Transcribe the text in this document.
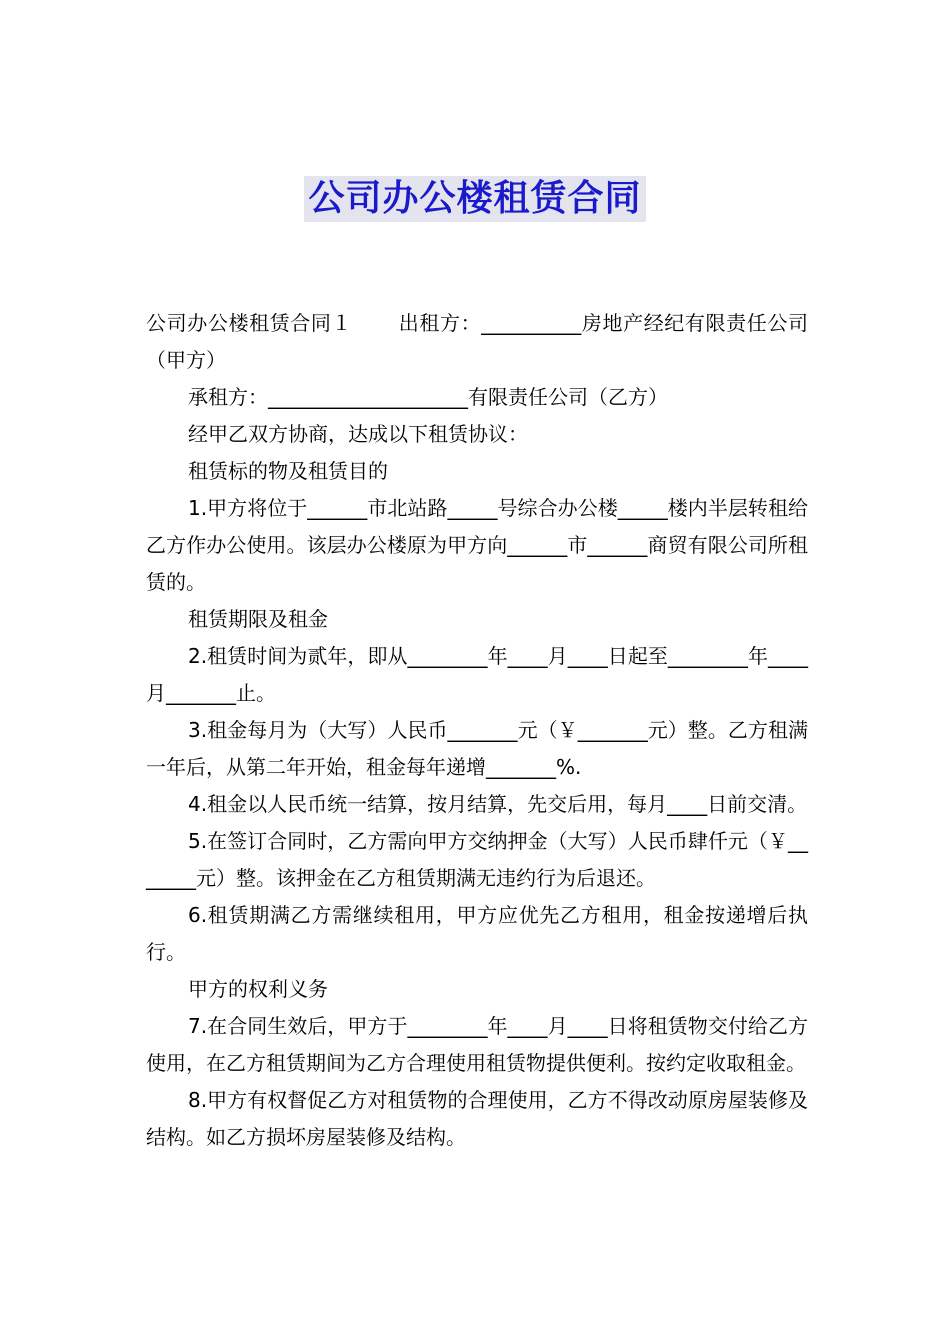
公司办公楼租赁合同

公司办公楼租赁合同１ 出租方：__________房地产经纪有限责任公司（甲方）

承租方：____________________有限责任公司（乙方）

经甲乙双方协商，达成以下租赁协议：

租赁标的物及租赁目的

1.甲方将位于______市北站路_____号综合办公楼_____楼内半层转租给乙方作办公使用。该层办公楼原为甲方向______市______商贸有限公司所租赁的。

租赁期限及租金

2.租赁时间为贰年，即从________年____月____日起至________年____月_______止。

3.租金每月为（大写）人民币_______元（￥_______元）整。乙方租满一年后，从第二年开始，租金每年递增_______%.

4.租金以人民币统一结算，按月结算，先交后用，每月____日前交清。

5.在签订合同时，乙方需向甲方交纳押金（大写）人民币肆仟元（￥_______元）整。该押金在乙方租赁期满无违约行为后退还。

6.租赁期满乙方需继续租用，甲方应优先乙方租用，租金按递增后执行。

甲方的权利义务

7.在合同生效后，甲方于________年____月____日将租赁物交付给乙方使用，在乙方租赁期间为乙方合理使用租赁物提供便利。按约定收取租金。

8.甲方有权督促乙方对租赁物的合理使用，乙方不得改动原房屋装修及结构。如乙方损坏房屋装修及结构。
